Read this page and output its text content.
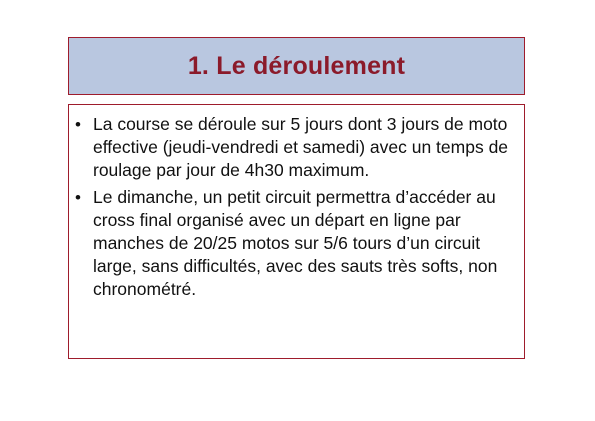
1. Le déroulement
• La course se déroule sur 5 jours dont 3 jours de moto effective (jeudi-vendredi et samedi) avec un temps de roulage par jour de 4h30 maximum.
• Le dimanche, un petit circuit permettra d’accéder au cross final organisé avec un départ en ligne par manches de 20/25 motos sur 5/6 tours d’un circuit large, sans difficultés, avec des sauts très softs, non chronométré.
